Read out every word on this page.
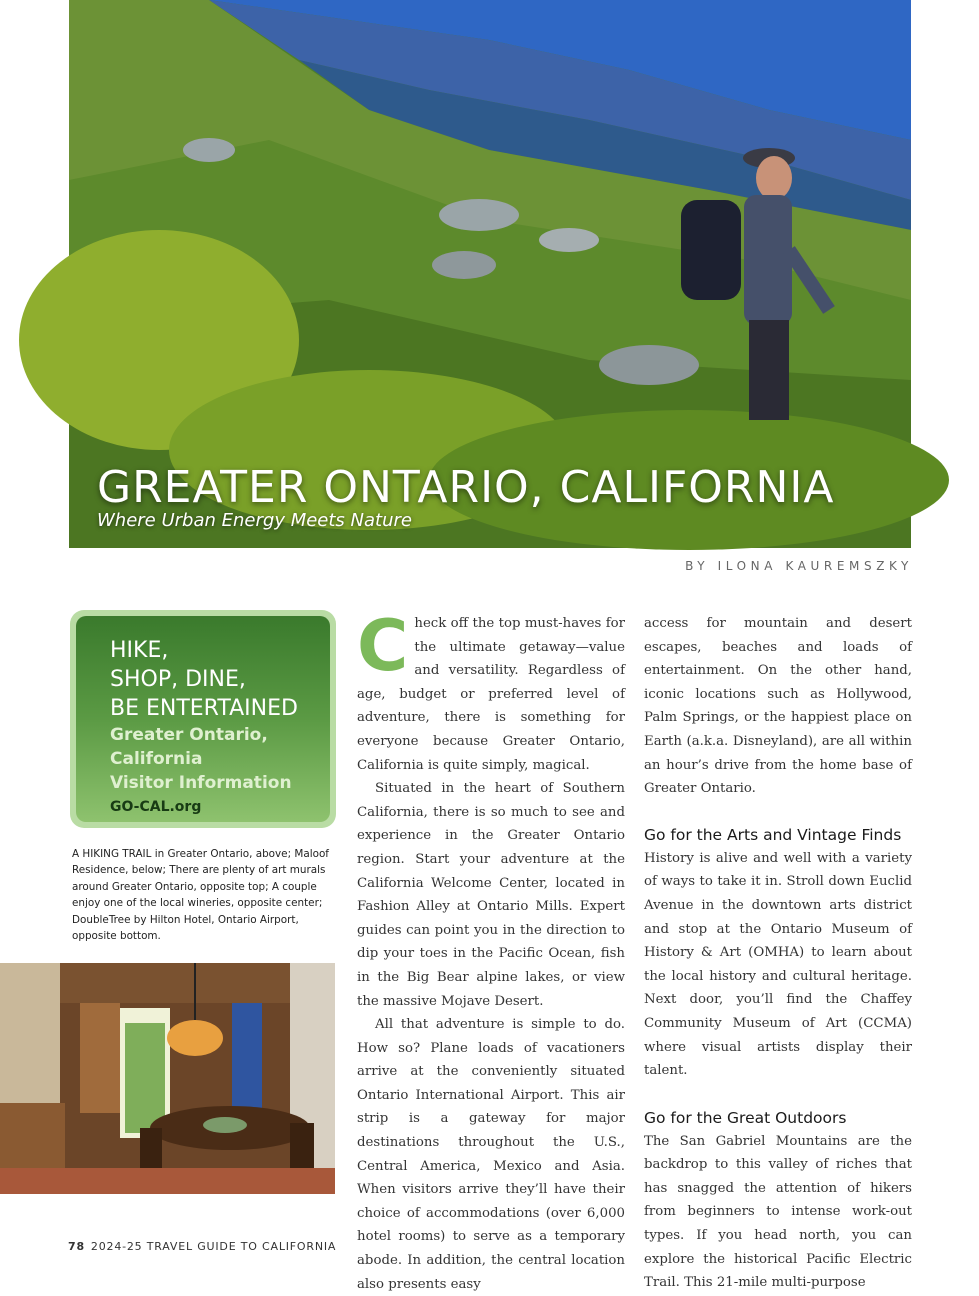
GREATER ONTARIO, CALIFORNIA
Where Urban Energy Meets Nature
BY ILONA KAUREMSZKY
HIKE,
SHOP, DINE,
BE ENTERTAINED
Greater Ontario,
California
Visitor Information
GO-CAL.org
A HIKING TRAIL in Greater Ontario, above; Maloof Residence, below; There are plenty of art murals around Greater Ontario, opposite top; A couple enjoy one of the local wineries, opposite center; DoubleTree by Hilton Hotel, Ontario Airport, opposite bottom.

C heck off the top must-haves for the ultimate getaway—value and versatility. Regardless of age, budget or preferred level of adventure, there is something for everyone because Greater Ontario, California is quite simply, magical.

Situated in the heart of Southern California, there is so much to see and experience in the Greater Ontario region. Start your adventure at the California Welcome Center, located in Fashion Alley at Ontario Mills. Expert guides can point you in the direction to dip your toes in the Pacific Ocean, fish in the Big Bear alpine lakes, or view the massive Mojave Desert.

All that adventure is simple to do. How so? Plane loads of vacationers arrive at the conveniently situated Ontario International Airport. This air strip is a gateway for major destinations throughout the U.S., Central America, Mexico and Asia. When visitors arrive they’ll have their choice of accommodations (over 6,000 hotel rooms) to serve as a temporary abode. In addition, the central location also presents easy

access for mountain and desert escapes, beaches and loads of entertainment. On the other hand, iconic locations such as Hollywood, Palm Springs, or the happiest place on Earth (a.k.a. Disneyland), are all within an hour’s drive from the home base of Greater Ontario.

Go for the Arts and Vintage Finds

History is alive and well with a variety of ways to take it in. Stroll down Euclid Avenue in the downtown arts district and stop at the Ontario Museum of History & Art (OMHA) to learn about the local history and cultural heritage. Next door, you’ll find the Chaffey Community Museum of Art (CCMA) where visual artists display their talent.

Go for the Great Outdoors

The San Gabriel Mountains are the backdrop to this valley of riches that has snagged the attention of hikers from beginners to intense work-out types. If you head north, you can explore the historical Pacific Electric Trail. This 21-mile multi-purpose

78 2024-25 TRAVEL GUIDE TO CALIFORNIA
